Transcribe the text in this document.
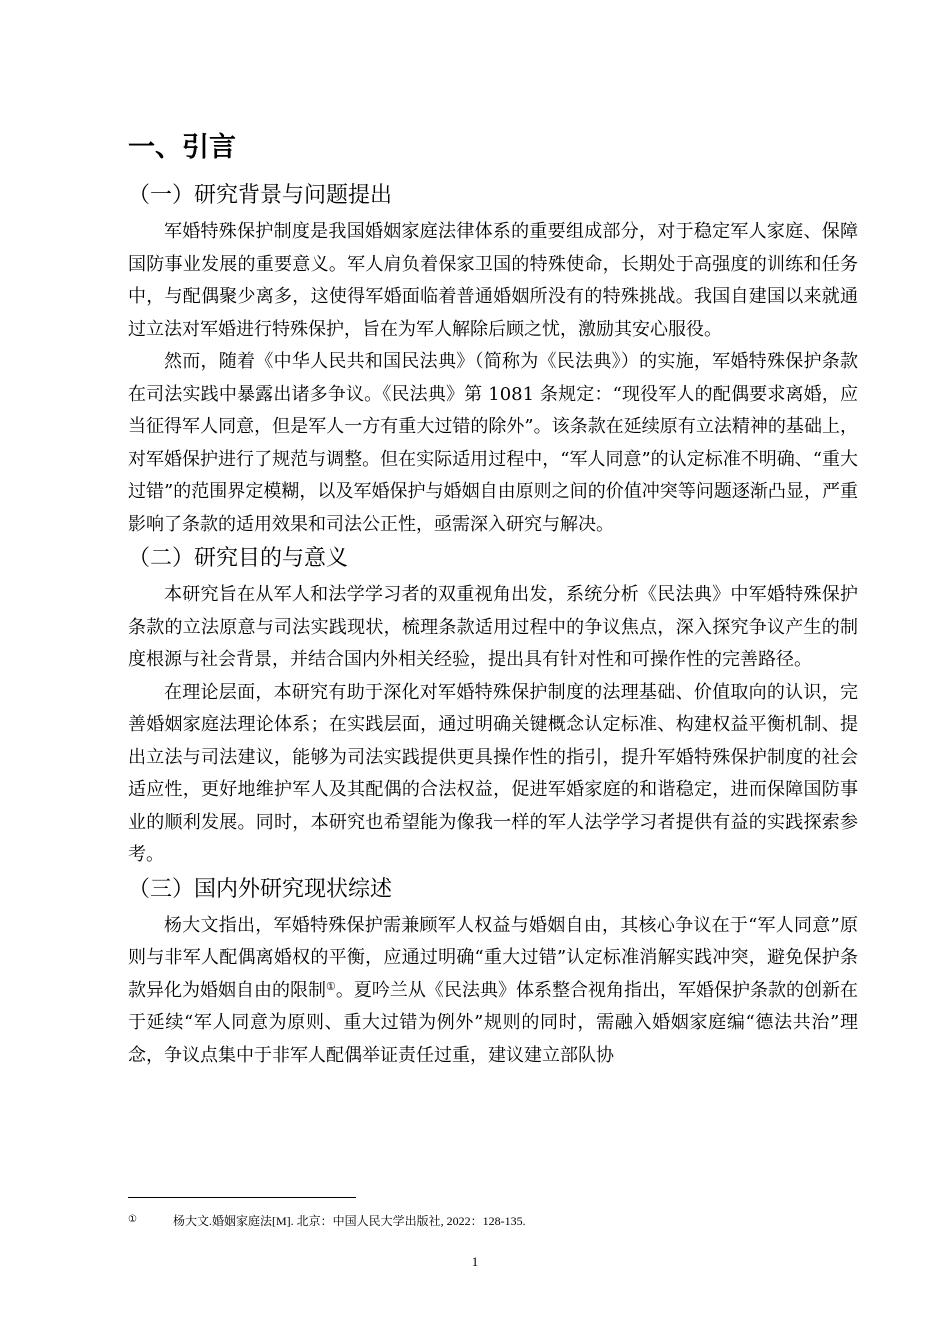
一、引言
（一）研究背景与问题提出

军婚特殊保护制度是我国婚姻家庭法律体系的重要组成部分，对于稳定军人家庭、保障国防事业发展的重要意义。军人肩负着保家卫国的特殊使命，长期处于高强度的训练和任务中，与配偶聚少离多，这使得军婚面临着普通婚姻所没有的特殊挑战。我国自建国以来就通过立法对军婚进行特殊保护，旨在为军人解除后顾之忧，激励其安心服役。

然而，随着《中华人民共和国民法典》（简称为《民法典》）的实施，军婚特殊保护条款在司法实践中暴露出诸多争议。《民法典》第 1081 条规定：“现役军人的配偶要求离婚，应当征得军人同意，但是军人一方有重大过错的除外”。该条款在延续原有立法精神的基础上，对军婚保护进行了规范与调整。但在实际适用过程中，“军人同意”的认定标准不明确、“重大过错”的范围界定模糊，以及军婚保护与婚姻自由原则之间的价值冲突等问题逐渐凸显，严重影响了条款的适用效果和司法公正性，亟需深入研究与解决。

（二）研究目的与意义

本研究旨在从军人和法学学习者的双重视角出发，系统分析《民法典》中军婚特殊保护条款的立法原意与司法实践现状，梳理条款适用过程中的争议焦点，深入探究争议产生的制度根源与社会背景，并结合国内外相关经验，提出具有针对性和可操作性的完善路径。

在理论层面，本研究有助于深化对军婚特殊保护制度的法理基础、价值取向的认识，完善婚姻家庭法理论体系；在实践层面，通过明确关键概念认定标准、构建权益平衡机制、提出立法与司法建议，能够为司法实践提供更具操作性的指引，提升军婚特殊保护制度的社会适应性，更好地维护军人及其配偶的合法权益，促进军婚家庭的和谐稳定，进而保障国防事业的顺利发展。同时，本研究也希望能为像我一样的军人法学学习者提供有益的实践探索参考。

（三）国内外研究现状综述

杨大文指出，军婚特殊保护需兼顾军人权益与婚姻自由，其核心争议在于“军人同意”原则与非军人配偶离婚权的平衡，应通过明确“重大过错”认定标准消解实践冲突，避免保护条款异化为婚姻自由的限制①。夏吟兰从《民法典》体系整合视角指出，军婚保护条款的创新在于延续“军人同意为原则、重大过错为例外”规则的同时，需融入婚姻家庭编“德法共治”理念，争议点集中于非军人配偶举证责任过重，建议建立部队协

①	杨大文.婚姻家庭法[M]. 北京：中国人民大学出版社, 2022：128-135.
1
